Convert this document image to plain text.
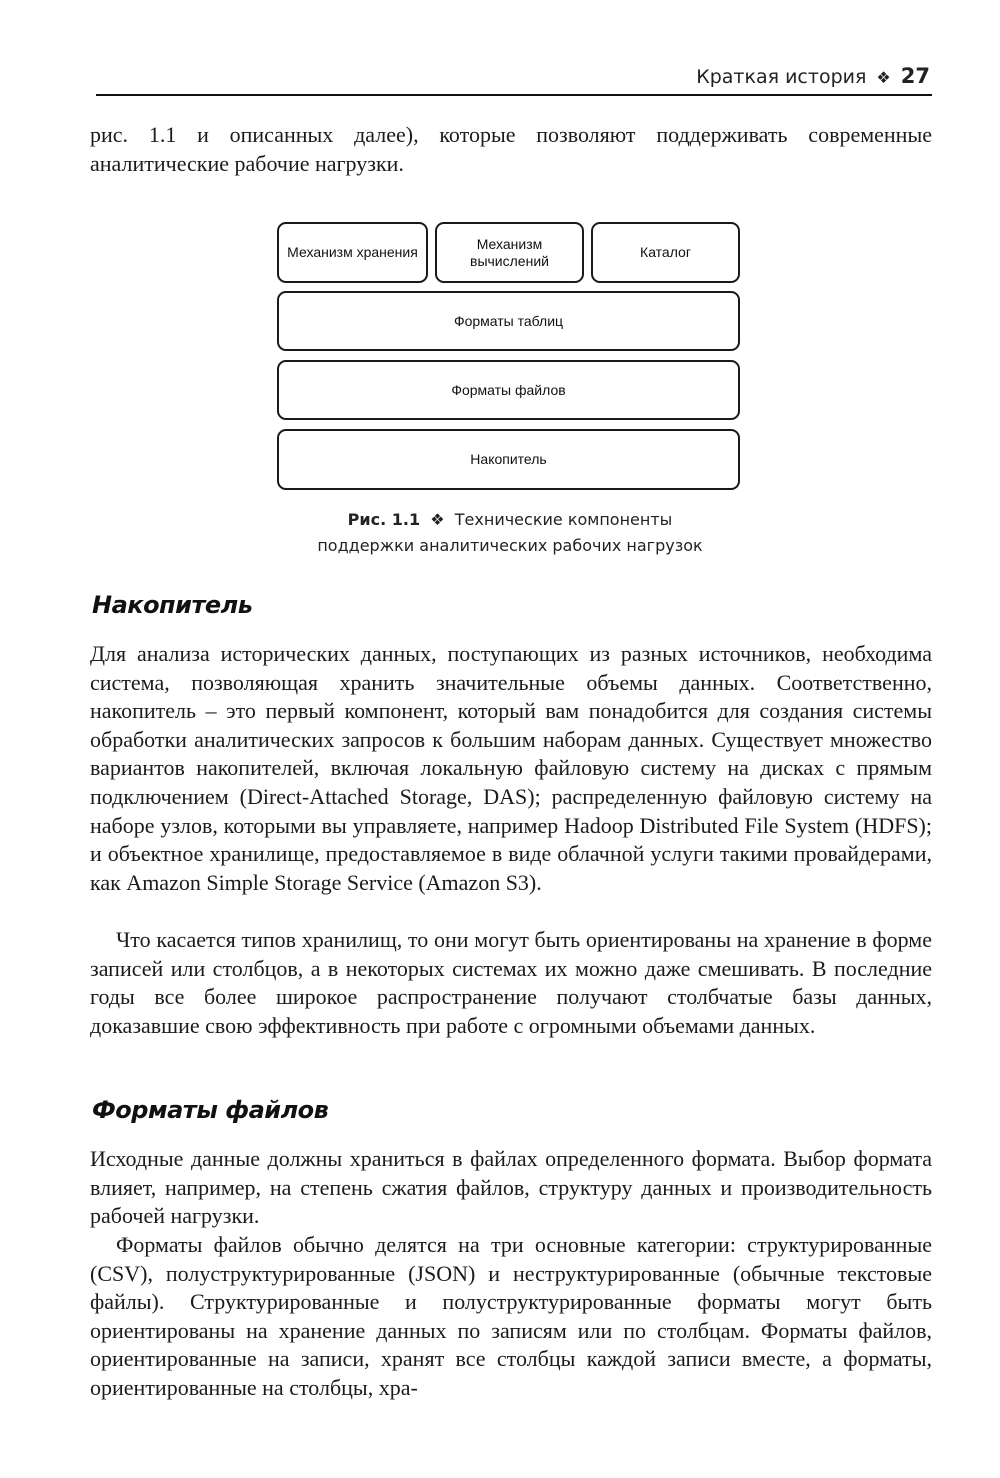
Краткая история ❖ 27

рис. 1.1 и описанных далее), которые позволяют поддерживать современные аналитические рабочие нагрузки.

Механизм хранения
Механизм
вычислений
Каталог
Форматы таблиц
Форматы файлов
Накопитель
Рис. 1.1 ❖ Технические компоненты
поддержки аналитических рабочих нагрузок
Накопитель

Для анализа исторических данных, поступающих из разных источников, необходима система, позволяющая хранить значительные объемы данных. Соответственно, накопитель – это первый компонент, который вам понадобится для создания системы обработки аналитических запросов к большим наборам данных. Существует множество вариантов накопителей, включая локальную файловую систему на дисках с прямым подключением (Direct-Attached Storage, DAS); распределенную файловую систему на наборе узлов, которыми вы управляете, например Hadoop Distributed File System (HDFS); и объектное хранилище, предоставляемое в виде облачной услуги такими провайдерами, как Amazon Simple Storage Service (Amazon S3).

Что касается типов хранилищ, то они могут быть ориентированы на хранение в форме записей или столбцов, а в некоторых системах их можно даже смешивать. В последние годы все более широкое распространение получают столбчатые базы данных, доказавшие свою эффективность при работе с огромными объемами данных.

Форматы файлов

Исходные данные должны храниться в файлах определенного формата. Выбор формата влияет, например, на степень сжатия файлов, структуру данных и производительность рабочей нагрузки.

Форматы файлов обычно делятся на три основные категории: структурированные (CSV), полуструктурированные (JSON) и неструктурированные (обычные текстовые файлы). Структурированные и полуструктурированные форматы могут быть ориентированы на хранение данных по записям или по столбцам. Форматы файлов, ориентированные на записи, хранят все столбцы каждой записи вместе, а форматы, ориентированные на столбцы, хра-
